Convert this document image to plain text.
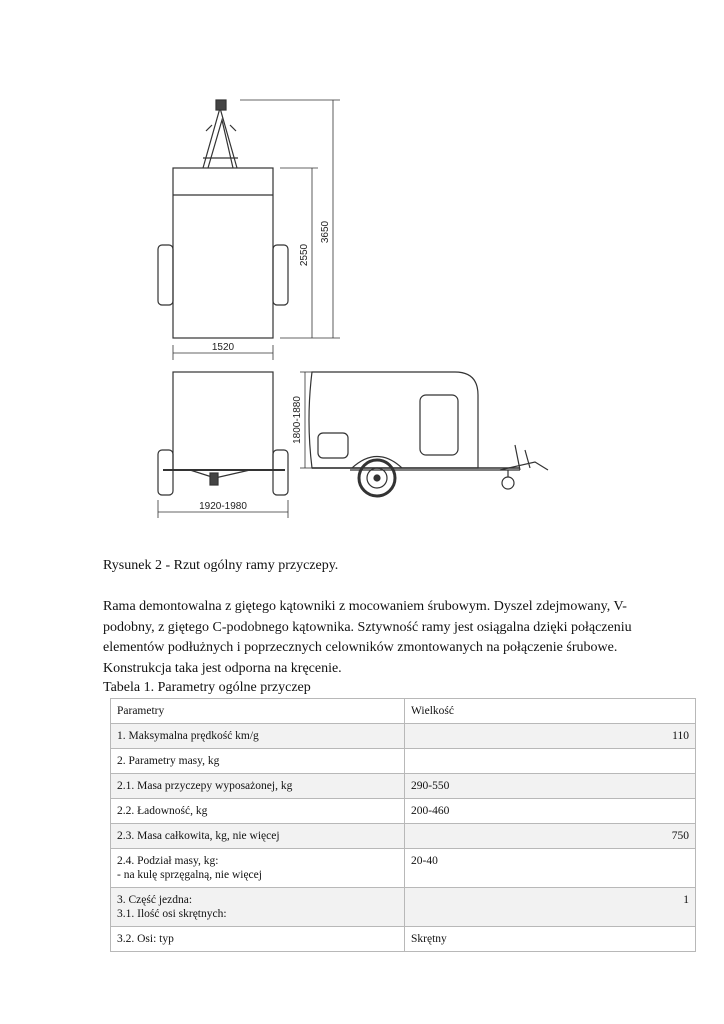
2550
3650
1520
1920-1980
1800-1880
Rysunek 2 - Rzut ogólny ramy przyczepy.
Rama demontowalna z giętego kątowniki z mocowaniem śrubowym. Dyszel zdejmowany, V-podobny, z giętego C-podobnego kątownika. Sztywność ramy jest osiągalna dzięki połączeniu elementów podłużnych i poprzecznych celowników zmontowanych na połączenie śrubowe. Konstrukcja taka jest odporna na kręcenie.
Tabela 1. Parametry ogólne przyczep
Parametry	Wielkość
1. Maksymalna prędkość km/g	110
2. Parametry masy, kg	
2.1. Masa przyczepy wyposażonej, kg	290-550
2.2. Ładowność, kg	200-460
2.3. Masa całkowita, kg, nie więcej	750
2.4. Podział masy, kg:
- na kulę sprzęgalną, nie więcej	20-40
3. Część jezdna:
3.1. Ilość osi skrętnych:	1
3.2. Osi: typ	Skrętny
